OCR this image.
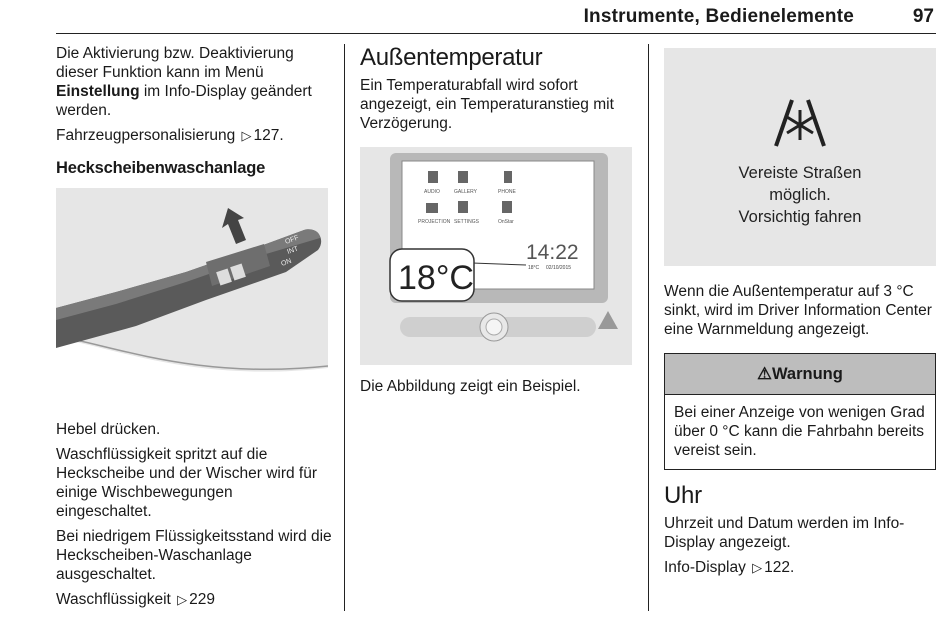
Instrumente, Bedienelemente	97

Die Aktivierung bzw. Deaktivierung dieser Funktion kann im Menü Einstellung im Info-Display geändert werden.

Fahrzeugpersonalisierung ▷ 127.

Heckscheibenwaschanlage
OFF
INT
ON

Hebel drücken.

Waschflüssigkeit spritzt auf die Heckscheibe und der Wischer wird für einige Wischbewegungen eingeschaltet.

Bei niedrigem Flüssigkeitsstand wird die Heckscheiben-Waschanlage ausgeschaltet.

Waschflüssigkeit ▷ 229

Außentemperatur

Ein Temperaturabfall wird sofort angezeigt, ein Temperaturanstieg mit Verzögerung.

AUDIO	GALLERY	PHONE
PROJECTION SETTINGS	OnStar
14:22
18°C 02/10/2015
18°C

Die Abbildung zeigt ein Beispiel.

Vereiste Straßen
möglich.
Vorsichtig fahren

Wenn die Außentemperatur auf 3 °C sinkt, wird im Driver Information Center eine Warnmeldung angezeigt.

⚠Warnung
Bei einer Anzeige von wenigen Grad über 0 °C kann die Fahrbahn bereits vereist sein.
Uhr

Uhrzeit und Datum werden im Info-Display angezeigt.

Info-Display ▷ 122.
